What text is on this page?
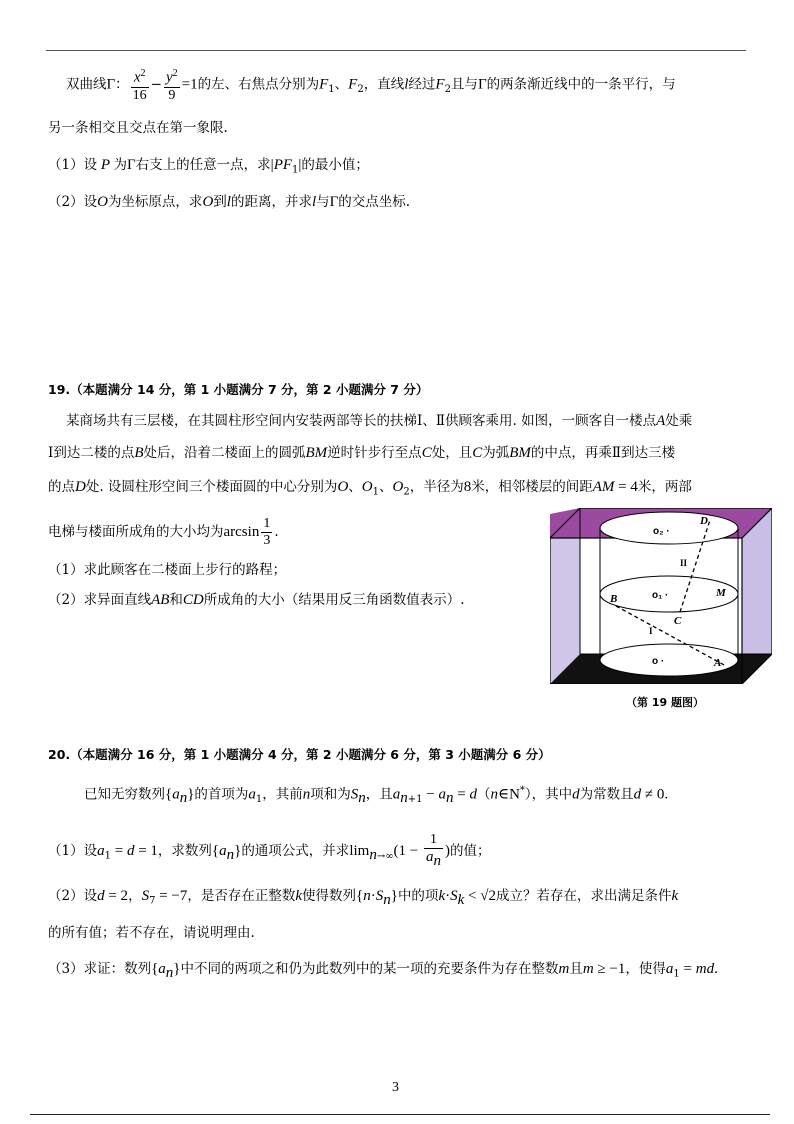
双曲线Γ： $\frac{x^2}{16} - \frac{y^2}{9} =1$的左、右焦点分别为$F_1$、$F_2$，直线l经过$F_2$且与Γ的两条渐近线中的一条平行，与
另一条相交且交点在第一象限.
（1）设 P 为Γ右支上的任意一点，求$|PF_1|$的最小值；
（2）设O为坐标原点，求O到l的距离，并求l与Γ的交点坐标.
19.（本题满分 14 分，第 1 小题满分 7 分，第 2 小题满分 7 分）
某商场共有三层楼，在其圆柱形空间内安装两部等长的扶梯Ⅰ、Ⅱ供顾客乘用. 如图，一顾客自一楼点A处乘
Ⅰ到达二楼的点B处后，沿着二楼面上的圆弧BM逆时针步行至点C处，且C为弧BM的中点，再乘Ⅱ到达三楼
的点D处. 设圆柱形空间三个楼面圆的中心分别为O、$O_1$、$O_2$，半径为8米，相邻楼层的间距AM = 4米，两部
电梯与楼面所成角的大小均为$\arcsin \frac{1}{3}$ .
（1）求此顾客在二楼面上步行的路程；
（2）求异面直线AB和CD所成角的大小（结果用反三角函数值表示）.
D
II
o₂ ·
o₁ ·
B	M
C
I
o ·	A
（第 19 题图）
20.（本题满分 16 分，第 1 小题满分 4 分，第 2 小题满分 6 分，第 3 小题满分 6 分）
已知无穷数列$\{a_n\}$的首项为$a_1$，其前n项和为$S_n$，且$a_{n+1} - a_n$ = d（n∈N*），其中d为常数且d ≠ 0.
（1）设$a_1 = d = 1$，求数列$\{a_n\}$的通项公式，并求$\lim_{n\to\infty}(1 - \frac{1}{a_n}$ )的值；
（2）设d = 2，$S_7 = -7$，是否存在正整数k使得数列$\{n\cdot S_n\}$中的项$k\cdot S_k < √2$成立？若存在，求出满足条件k
的所有值；若不存在，请说明理由.
（3）求证：数列$\{a_n\}$中不同的两项之和仍为此数列中的某一项的充要条件为存在整数m且m ≥ −1，使得$a_1$ = md.
3
